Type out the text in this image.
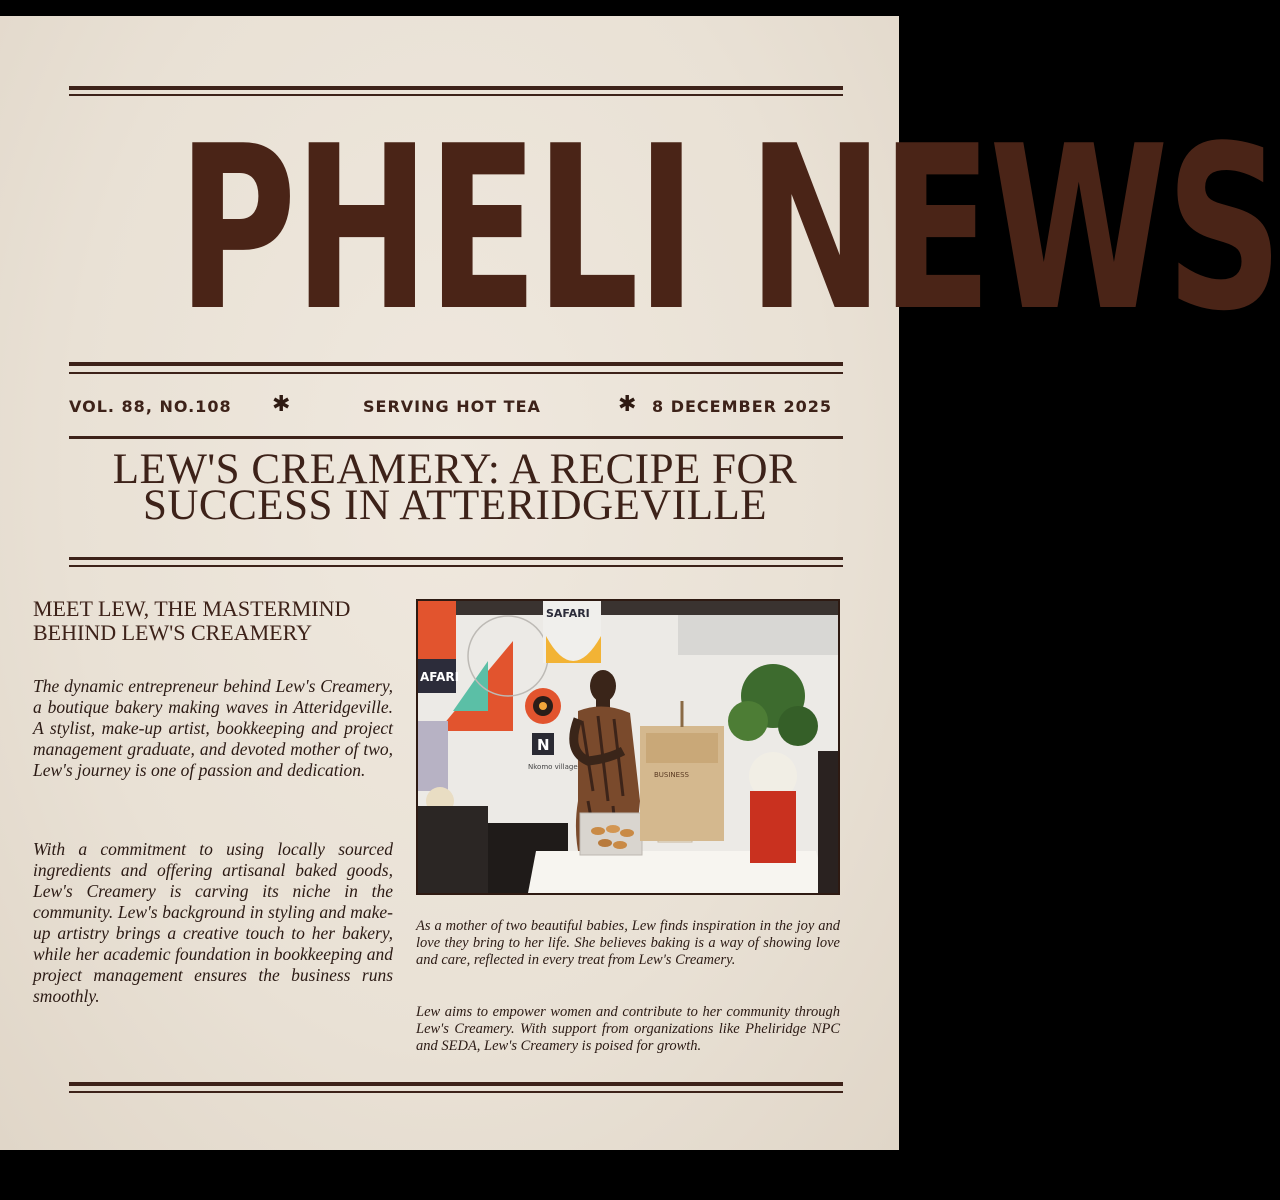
PHELI NEWS
VOL. 88, NO.108 ✱	SERVING HOT TEA	✱ 8 DECEMBER 2025
LEW'S CREAMERY: A RECIPE FOR
SUCCESS IN ATTERIDGEVILLE
MEET LEW, THE MASTERMIND
BEHIND LEW'S CREAMERY

The dynamic entrepreneur behind Lew's Creamery, a boutique bakery making waves in Atteridgeville. A stylist, make-up artist, bookkeeping and project management graduate, and devoted mother of two, Lew's journey is one of passion and dedication.

With a commitment to using locally sourced ingredients and offering artisanal baked goods, Lew's Creamery is carving its niche in the community. Lew's background in styling and make-up artistry brings a creative touch to her bakery, while her academic foundation in bookkeeping and project management ensures the business runs smoothly.

AFARI
SAFARI
N
Nkomo village
BUSINESS

As a mother of two beautiful babies, Lew finds inspiration in the joy and love they bring to her life. She believes baking is a way of showing love and care, reflected in every treat from Lew's Creamery.

Lew aims to empower women and contribute to her community through Lew's Creamery. With support from organizations like Pheliridge NPC and SEDA, Lew's Creamery is poised for growth.
